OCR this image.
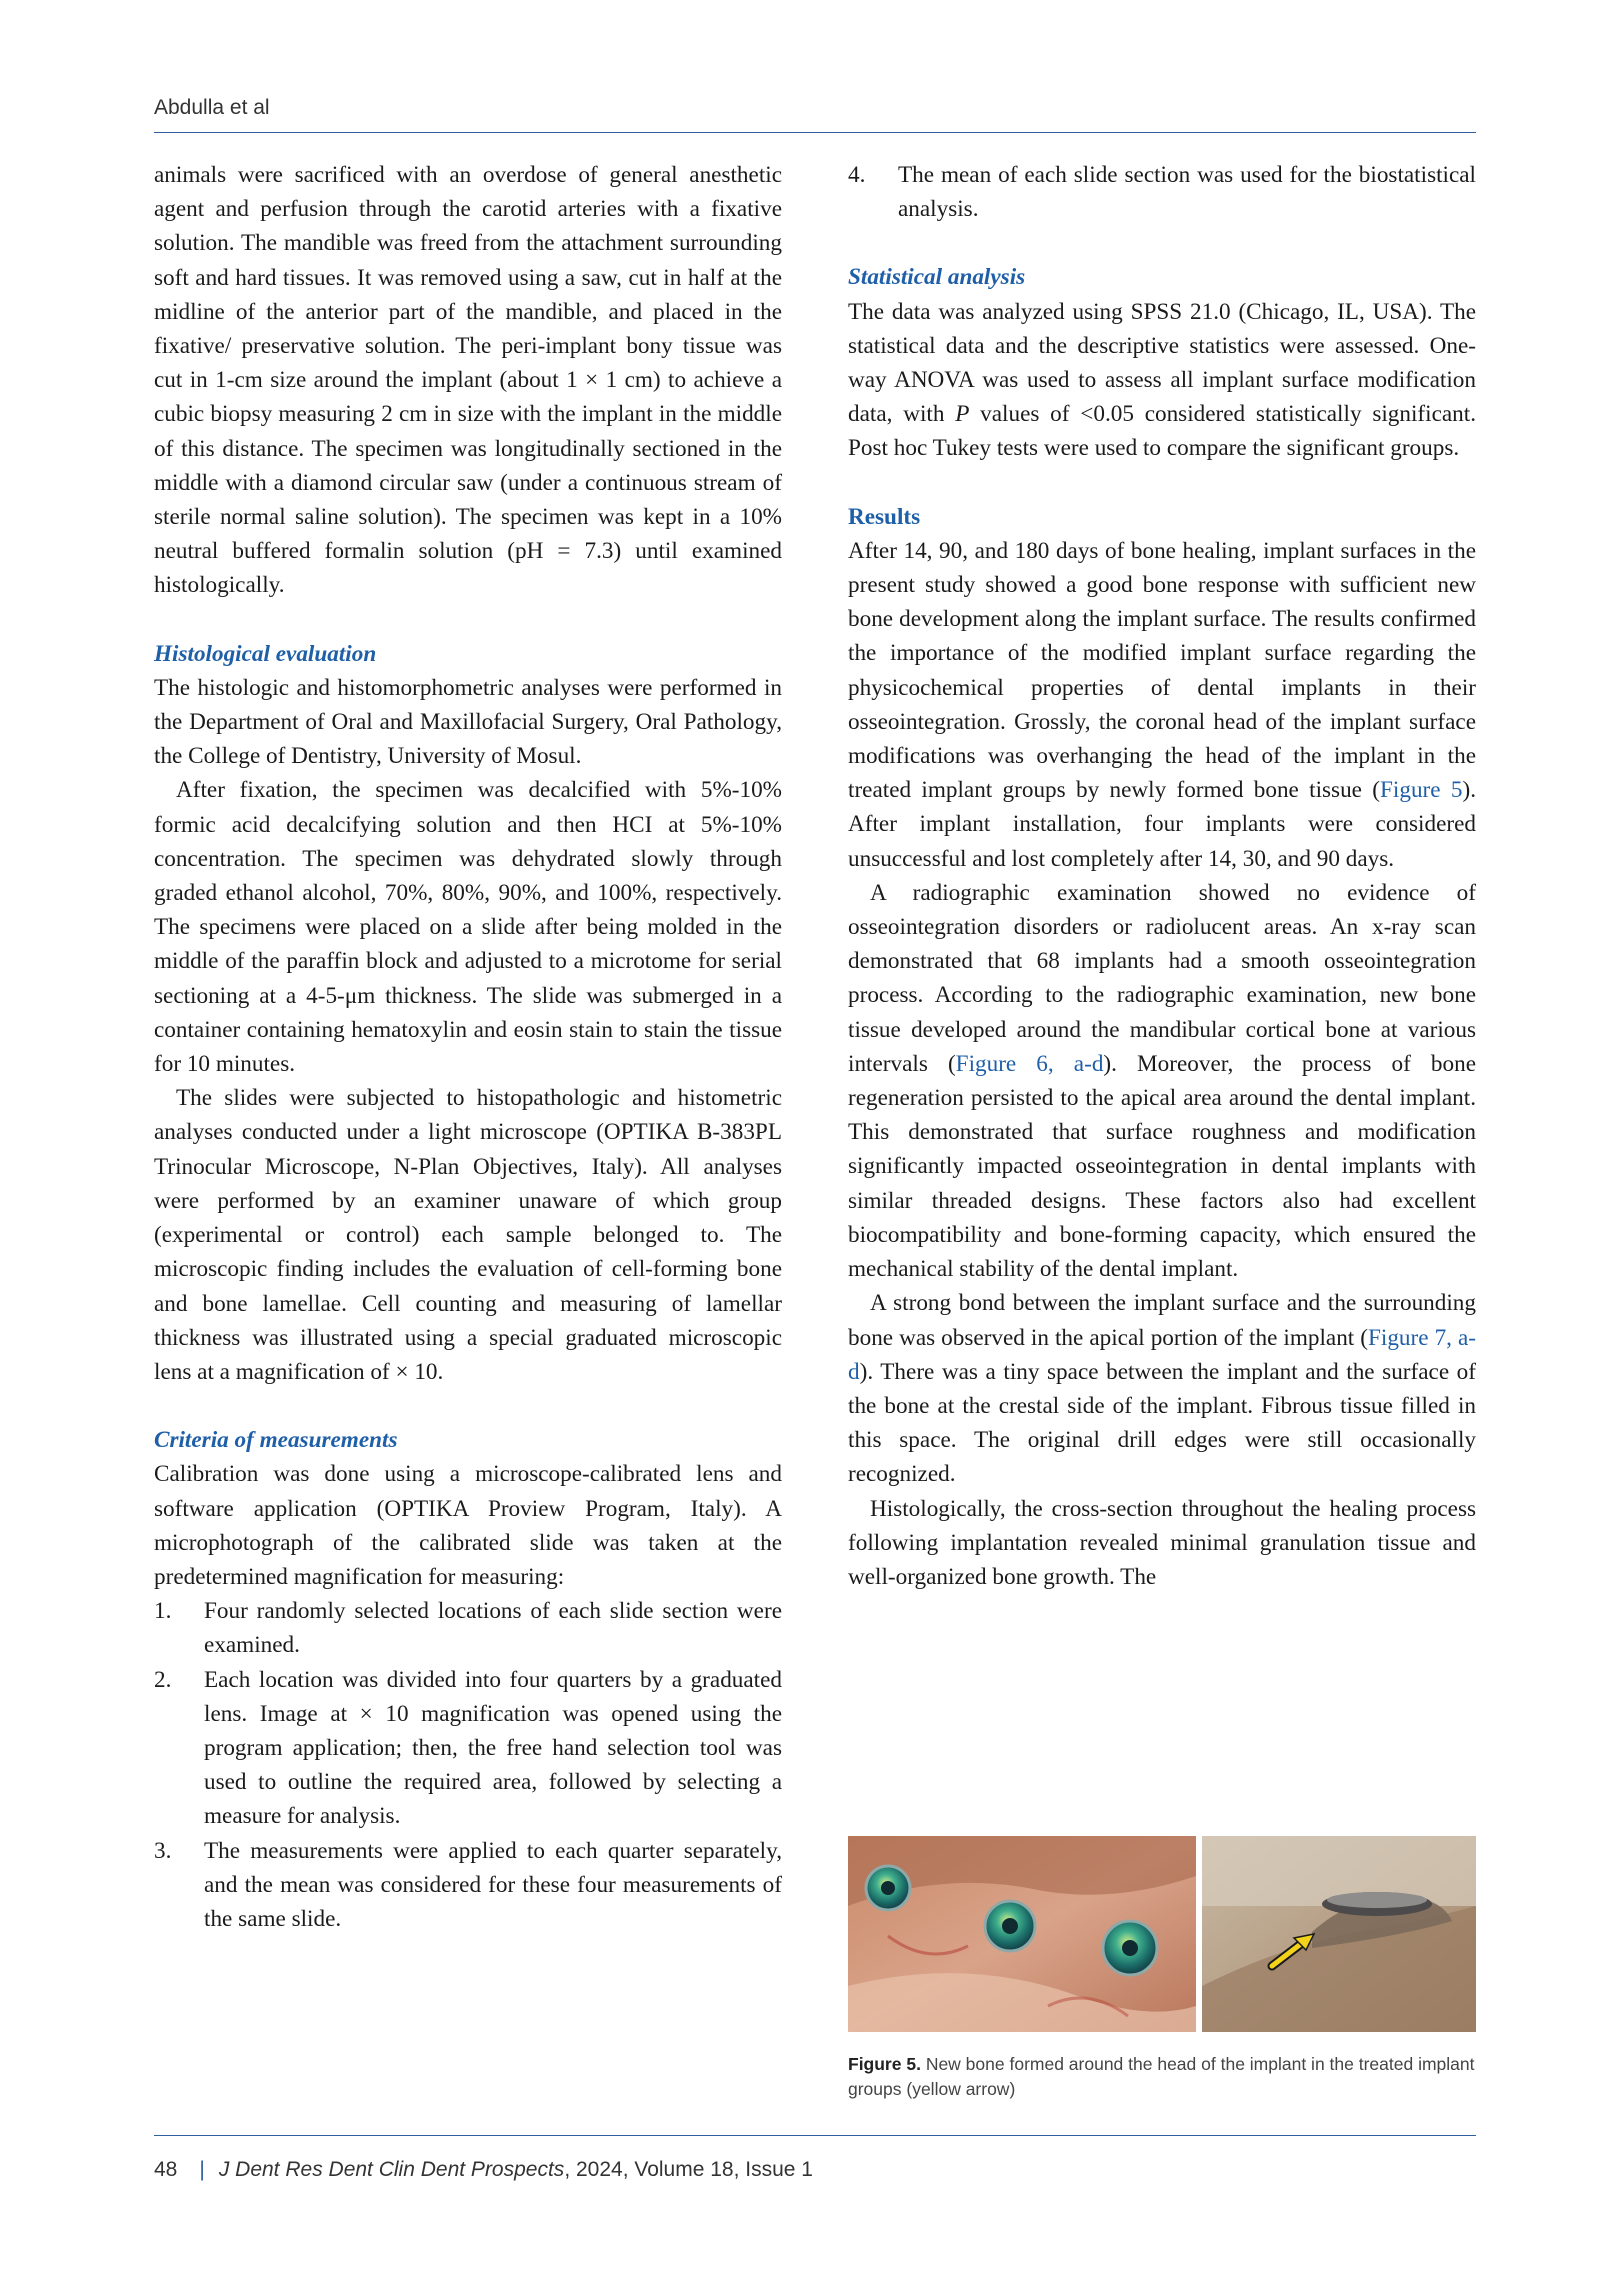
Abdulla et al

animals were sacrificed with an overdose of general anesthetic agent and perfusion through the carotid arteries with a fixative solution. The mandible was freed from the attachment surrounding soft and hard tissues. It was removed using a saw, cut in half at the midline of the anterior part of the mandible, and placed in the fixative/ preservative solution. The peri-implant bony tissue was cut in 1-cm size around the implant (about 1 × 1 cm) to achieve a cubic biopsy measuring 2 cm in size with the implant in the middle of this distance. The specimen was longitudinally sectioned in the middle with a diamond circular saw (under a continuous stream of sterile normal saline solution). The specimen was kept in a 10% neutral buffered formalin solution (pH = 7.3) until examined histologically.

Histological evaluation

The histologic and histomorphometric analyses were performed in the Department of Oral and Maxillofacial Surgery, Oral Pathology, the College of Dentistry, University of Mosul.

After fixation, the specimen was decalcified with 5%‑10% formic acid decalcifying solution and then HCI at 5%‑10% concentration. The specimen was dehydrated slowly through graded ethanol alcohol, 70%, 80%, 90%, and 100%, respectively. The specimens were placed on a slide after being molded in the middle of the paraffin block and adjusted to a microtome for serial sectioning at a 4‑5‑μm thickness. The slide was submerged in a container containing hematoxylin and eosin stain to stain the tissue for 10 minutes.

The slides were subjected to histopathologic and histometric analyses conducted under a light microscope (OPTIKA B-383PL Trinocular Microscope, N-Plan Objectives, Italy). All analyses were performed by an examiner unaware of which group (experimental or control) each sample belonged to. The microscopic finding includes the evaluation of cell-forming bone and bone lamellae. Cell counting and measuring of lamellar thickness was illustrated using a special graduated microscopic lens at a magnification of × 10.

Criteria of measurements

Calibration was done using a microscope-calibrated lens and software application (OPTIKA Proview Program, Italy). A microphotograph of the calibrated slide was taken at the predetermined magnification for measuring:

1. Four randomly selected locations of each slide section were examined.
2. Each location was divided into four quarters by a graduated lens. Image at × 10 magnification was opened using the program application; then, the free hand selection tool was used to outline the required area, followed by selecting a measure for analysis.
3. The measurements were applied to each quarter separately, and the mean was considered for these four measurements of the same slide.
4. The mean of each slide section was used for the biostatistical analysis.
Statistical analysis

The data was analyzed using SPSS 21.0 (Chicago, IL, USA). The statistical data and the descriptive statistics were assessed. One-way ANOVA was used to assess all implant surface modification data, with P values of <0.05 considered statistically significant. Post hoc Tukey tests were used to compare the significant groups.

Results

After 14, 90, and 180 days of bone healing, implant surfaces in the present study showed a good bone response with sufficient new bone development along the implant surface. The results confirmed the importance of the modified implant surface regarding the physicochemical properties of dental implants in their osseointegration. Grossly, the coronal head of the implant surface modifications was overhanging the head of the implant in the treated implant groups by newly formed bone tissue (Figure 5). After implant installation, four implants were considered unsuccessful and lost completely after 14, 30, and 90 days.

A radiographic examination showed no evidence of osseointegration disorders or radiolucent areas. An x-ray scan demonstrated that 68 implants had a smooth osseointegration process. According to the radiographic examination, new bone tissue developed around the mandibular cortical bone at various intervals (Figure 6, a-d). Moreover, the process of bone regeneration persisted to the apical area around the dental implant. This demonstrated that surface roughness and modification significantly impacted osseointegration in dental implants with similar threaded designs. These factors also had excellent biocompatibility and bone-forming capacity, which ensured the mechanical stability of the dental implant.

A strong bond between the implant surface and the surrounding bone was observed in the apical portion of the implant (Figure 7, a-d). There was a tiny space between the implant and the surface of the bone at the crestal side of the implant. Fibrous tissue filled in this space. The original drill edges were still occasionally recognized.

Histologically, the cross-section throughout the healing process following implantation revealed minimal granulation tissue and well-organized bone growth. The

Figure 5. New bone formed around the head of the implant in the treated implant groups (yellow arrow)
48 | J Dent Res Dent Clin Dent Prospects, 2024, Volume 18, Issue 1
